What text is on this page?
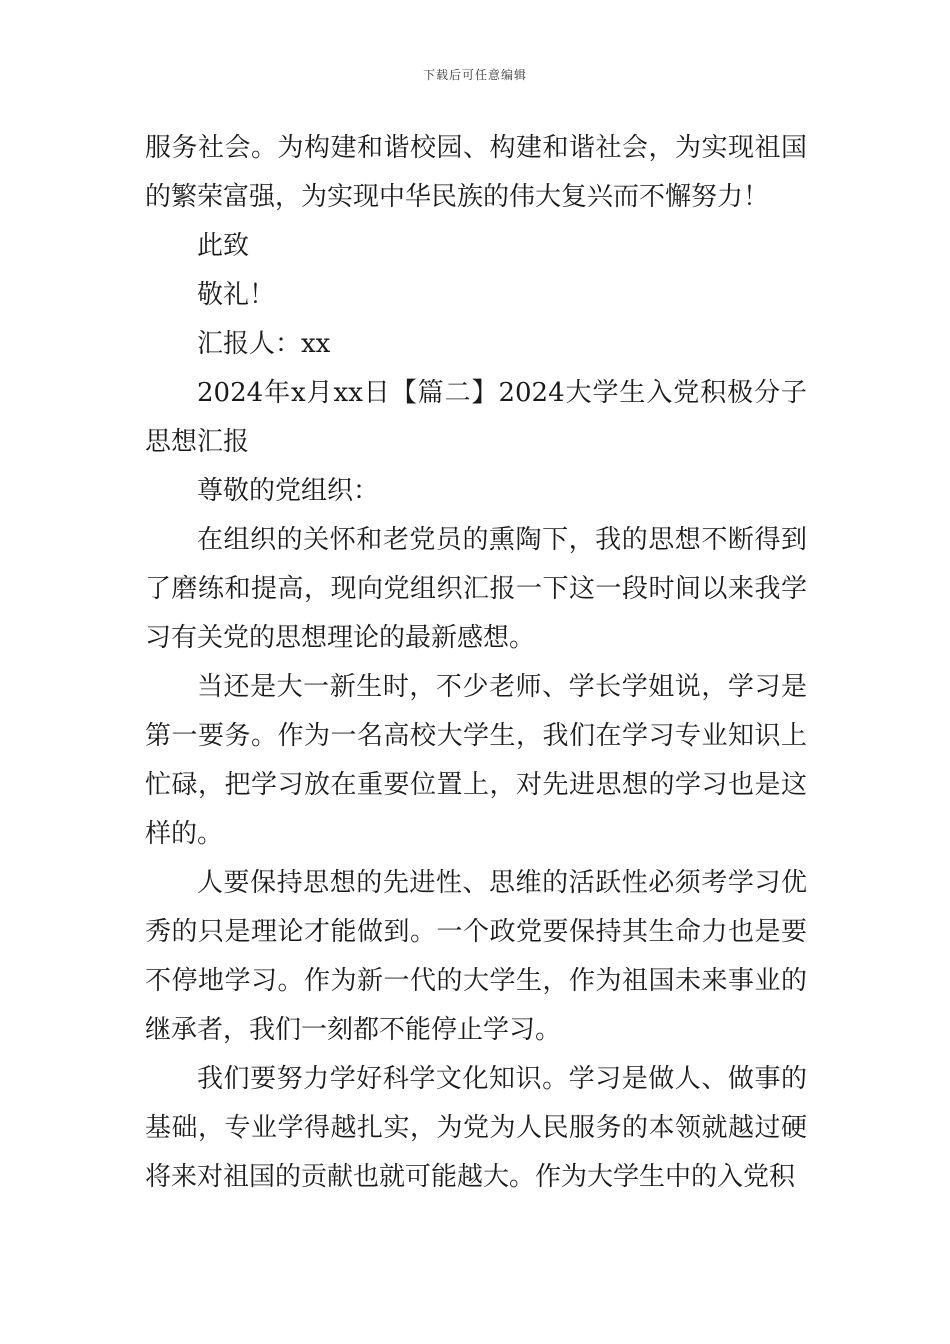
下载后可任意编辑

服务社会。为构建和谐校园、构建和谐社会，为实现祖国的繁荣富强，为实现中华民族的伟大复兴而不懈努力！

此致

敬礼！

汇报人：xx

2024年x月xx日【篇二】2024大学生入党积极分子思想汇报

尊敬的党组织：

在组织的关怀和老党员的熏陶下，我的思想不断得到了磨练和提高，现向党组织汇报一下这一段时间以来我学习有关党的思想理论的最新感想。

当还是大一新生时，不少老师、学长学姐说，学习是第一要务。作为一名高校大学生，我们在学习专业知识上忙碌，把学习放在重要位置上，对先进思想的学习也是这样的。

人要保持思想的先进性、思维的活跃性必须考学习优秀的只是理论才能做到。一个政党要保持其生命力也是要不停地学习。作为新一代的大学生，作为祖国未来事业的继承者，我们一刻都不能停止学习。

我们要努力学好科学文化知识。学习是做人、做事的基础，专业学得越扎实，为党为人民服务的本领就越过硬将来对祖国的贡献也就可能越大。作为大学生中的入党积
